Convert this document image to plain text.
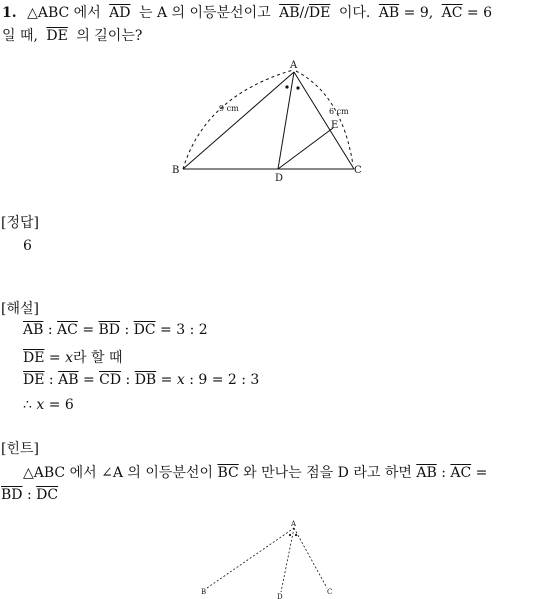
1. △ABC 에서 $\overline{AD}$ 는 A 의 이등분선이고 $\overline{AB}//\overline{DE}$ 이다. $\overline{AB} = 9$, $\overline{AC} = 6$
일 때, $\overline{DE}$ 의 길이는?
A
B	C
D
E
9 cm	6 cm
[정답]
6
[해설]
$\overline{AB}$ : $\overline{AC} = \overline{BD}$ : $\overline{DC} = 3$ : 2
$\overline{DE} = x$라 할 때
$\overline{DE}$ : $\overline{AB} = \overline{CD}$ : $\overline{DB} = x$ : 9 = 2 : 3
∴ x = 6
[힌트]
△ABC 에서 ∠A 의 이등분선이 $\overline{BC}$ 와 만나는 점을 D 라고 하면 $\overline{AB}$ : $\overline{AC}$ =
$\overline{BD}$ : $\overline{DC}$
A
B	C
D
